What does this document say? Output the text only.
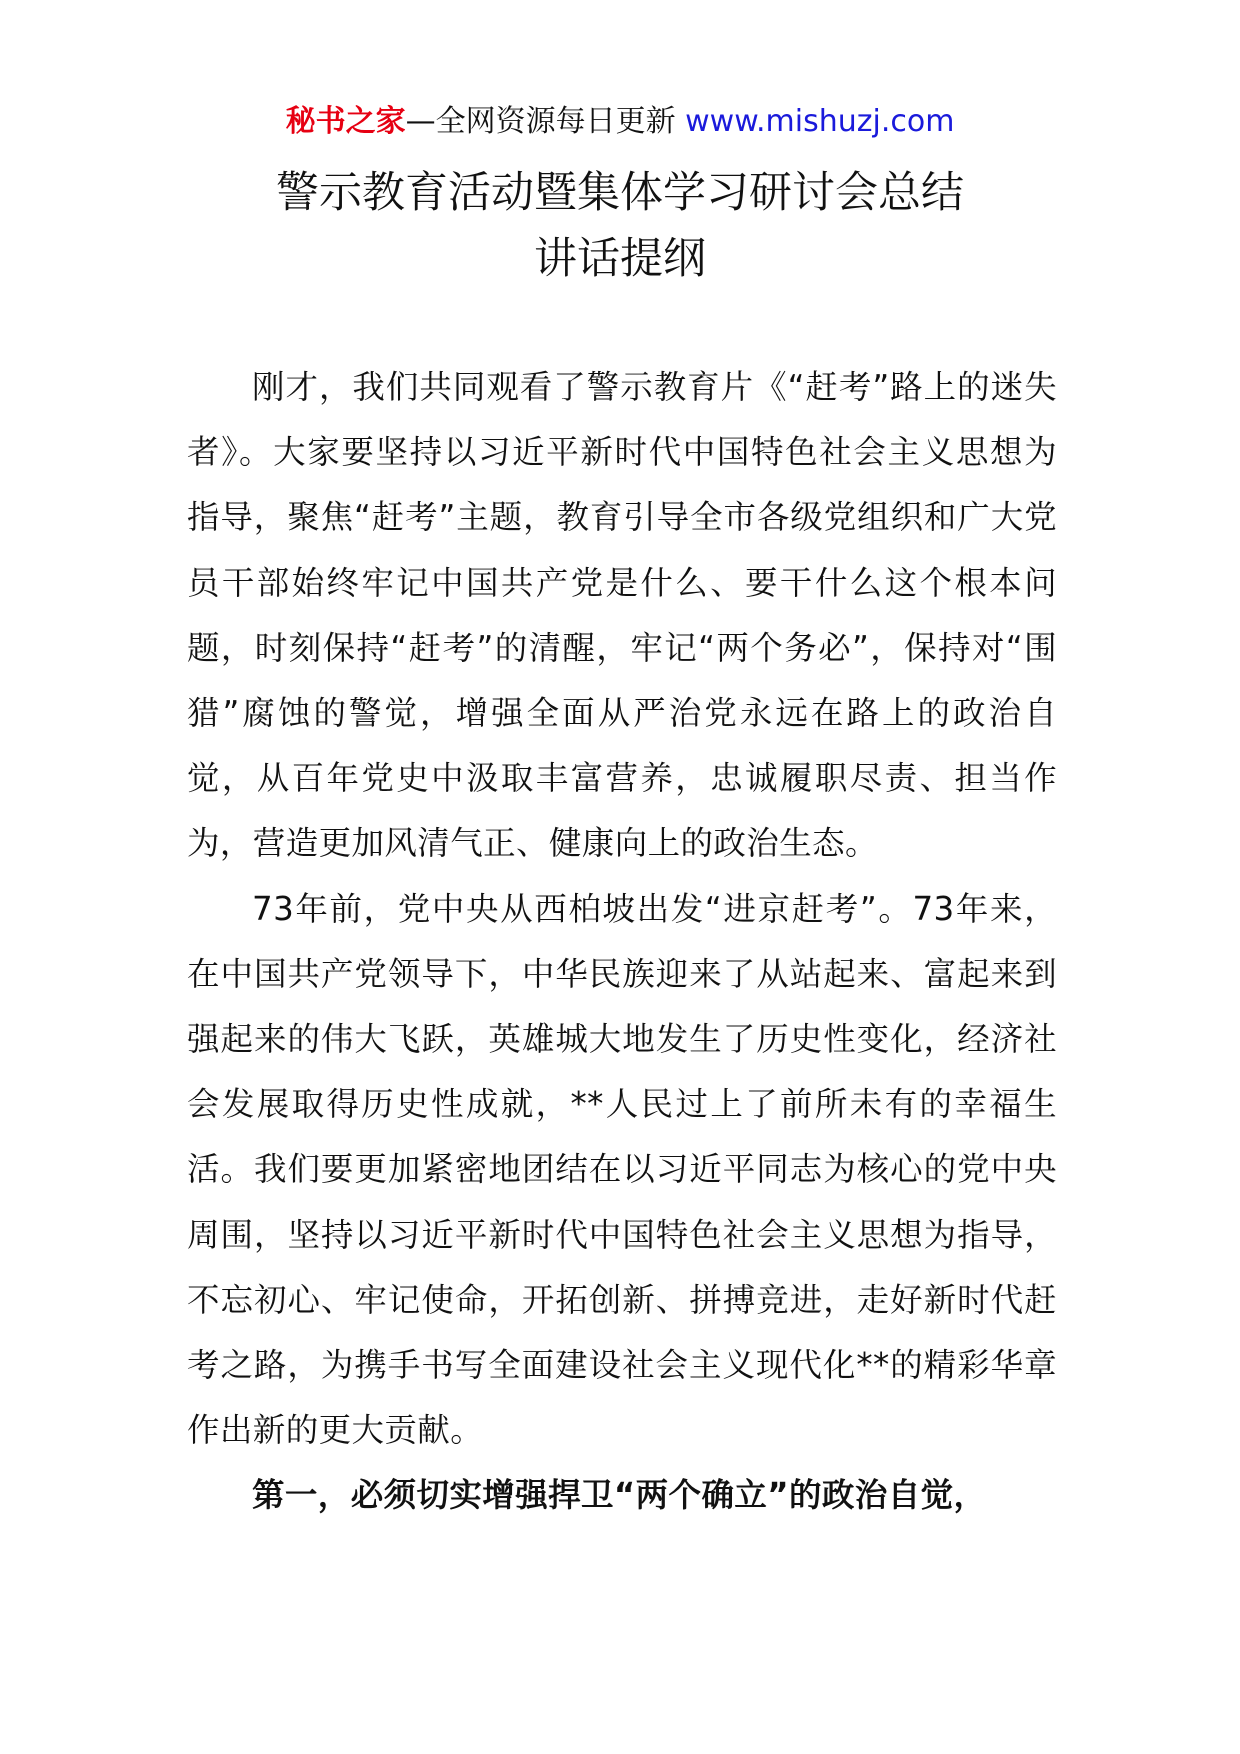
秘书之家—全网资源每日更新 www.mishuzj.com
警示教育活动暨集体学习研讨会总结
讲话提纲

刚才，我们共同观看了警示教育片《“赶考”路上的迷失者》。大家要坚持以习近平新时代中国特色社会主义思想为指导，聚焦“赶考”主题，教育引导全市各级党组织和广大党员干部始终牢记中国共产党是什么、要干什么这个根本问题，时刻保持“赶考”的清醒，牢记“两个务必”，保持对“围猎”腐蚀的警觉，增强全面从严治党永远在路上的政治自觉，从百年党史中汲取丰富营养，忠诚履职尽责、担当作为，营造更加风清气正、健康向上的政治生态。

73年前，党中央从西柏坡出发“进京赶考”。73年来，在中国共产党领导下，中华民族迎来了从站起来、富起来到强起来的伟大飞跃，英雄城大地发生了历史性变化，经济社会发展取得历史性成就，**人民过上了前所未有的幸福生活。我们要更加紧密地团结在以习近平同志为核心的党中央周围，坚持以习近平新时代中国特色社会主义思想为指导，不忘初心、牢记使命，开拓创新、拼搏竞进，走好新时代赶考之路，为携手书写全面建设社会主义现代化**的精彩华章作出新的更大贡献。

第一，必须切实增强捍卫“两个确立”的政治自觉，
